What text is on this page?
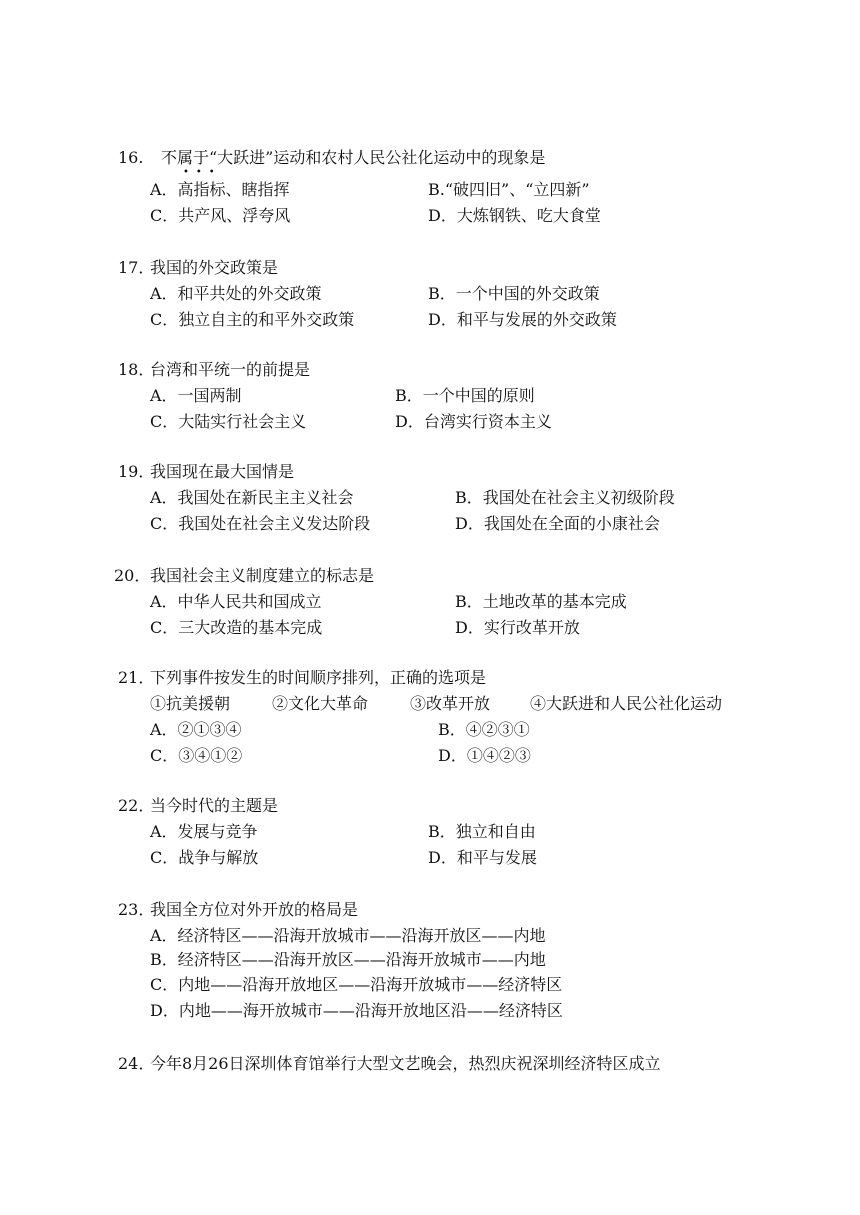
16. 不属于“大跃进”运动和农村人民公社化运动中的现象是
•••
A．高指标、瞎指挥	B.“破四旧”、“立四新”
C．共产风、浮夸风	D．大炼钢铁、吃大食堂
17．
我国的外交政策是
A．和平共处的外交政策	B．一个中国的外交政策
C．独立自主的和平外交政策	D．和平与发展的外交政策
18．
台湾和平统一的前提是
A．一国两制	B．一个中国的原则
C．大陆实行社会主义	D．台湾实行资本主义
19．
我国现在最大国情是
A．我国处在新民主主义社会	B．我国处在社会主义初级阶段
C．我国处在社会主义发达阶段	D．我国处在全面的小康社会
20． 我国社会主义制度建立的标志是
A．中华人民共和国成立	B．土地改革的基本完成
C．三大改造的基本完成	D．实行改革开放
21．
下列事件按发生的时间顺序排列，正确的选项是
①抗美援朝	②文化大革命	③改革开放 ④大跃进和人民公社化运动
A．②①③④	B．④②③①
C．③④①②	D．①④②③
22．
当今时代的主题是
A．发展与竞争	B．独立和自由
C．战争与解放	D．和平与发展
23．
我国全方位对外开放的格局是
A．经济特区——沿海开放城市——沿海开放区——内地
B．经济特区——沿海开放区——沿海开放城市——内地
C．内地——沿海开放地区——沿海开放城市——经济特区
D．内地——海开放城市——沿海开放地区沿——经济特区
24．
今年8月26日深圳体育馆举行大型文艺晚会，热烈庆祝深圳经济特区成立
